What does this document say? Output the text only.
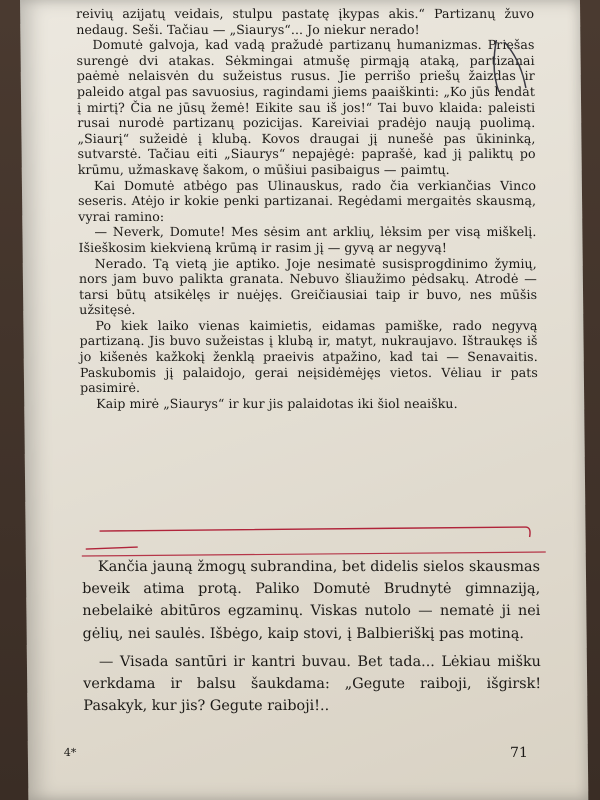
reivių azijatų veidais, stulpu pastatę įkypas akis.“ Partizanų žuvo nedaug. Seši. Tačiau — „Siaurys“... Jo niekur nerado!

Domutė galvoja, kad vadą pražudė partizanų humanizmas. Priešas surengė dvi atakas. Sėkmingai atmušę pirmąją ataką, partizanai paėmė nelaisvėn du sužeistus rusus. Jie perrišo priešų žaizdas ir paleido atgal pas savuosius, ragindami jiems paaiškinti: „Ko jūs lendat į mirtį? Čia ne jūsų žemė! Eikite sau iš jos!“ Tai buvo klaida: paleisti rusai nurodė partizanų pozicijas. Kareiviai pradėjo naują puolimą. „Siaurį“ sužeidė į klubą. Kovos draugai jį nunešė pas ūkininką, sutvarstė. Tačiau eiti „Siaurys“ nepajėgė: paprašė, kad jį paliktų po krūmu, užmaskavę šakom, o mūšiui pasibaigus — paimtų.

Kai Domutė atbėgo pas Ulinauskus, rado čia verkiančias Vinco seseris. Atėjo ir kokie penki partizanai. Regėdami mergaitės skausmą, vyrai ramino:

— Neverk, Domute! Mes sėsim ant arklių, lėksim per visą miškelį. Išieškosim kiekvieną krūmą ir rasim jį — gyvą ar negyvą!

Nerado. Tą vietą jie aptiko. Joje nesimatė susisprogdinimo žymių, nors jam buvo palikta granata. Nebuvo šliaužimo pėdsakų. Atrodė — tarsi būtų atsikėlęs ir nuėjęs. Greičiausiai taip ir buvo, nes mūšis užsitęsė.

Po kiek laiko vienas kaimietis, eidamas pamiške, rado negyvą partizaną. Jis buvo sužeistas į klubą ir, matyt, nukraujavo. Ištraukęs iš jo kišenės kažkokį ženklą praeivis atpažino, kad tai — Senavaitis. Paskubomis jį palaidojo, gerai neįsidėmėjęs vietos. Vėliau ir pats pasimirė.

Kaip mirė „Siaurys“ ir kur jis palaidotas iki šiol neaišku.

Kančia jauną žmogų subrandina, bet didelis sielos skausmas beveik atima protą. Paliko Domutė Brudnytė gimnaziją, nebelaikė abitūros egzaminų. Viskas nutolo — nematė ji nei gėlių, nei saulės. Išbėgo, kaip stovi, į Balbieriškį pas motiną.

— Visada santūri ir kantri buvau. Bet tada... Lėkiau mišku verkdama ir balsu šaukdama: „Gegute raiboji, išgirsk! Pasakyk, kur jis? Gegute raiboji!..

4*	71
